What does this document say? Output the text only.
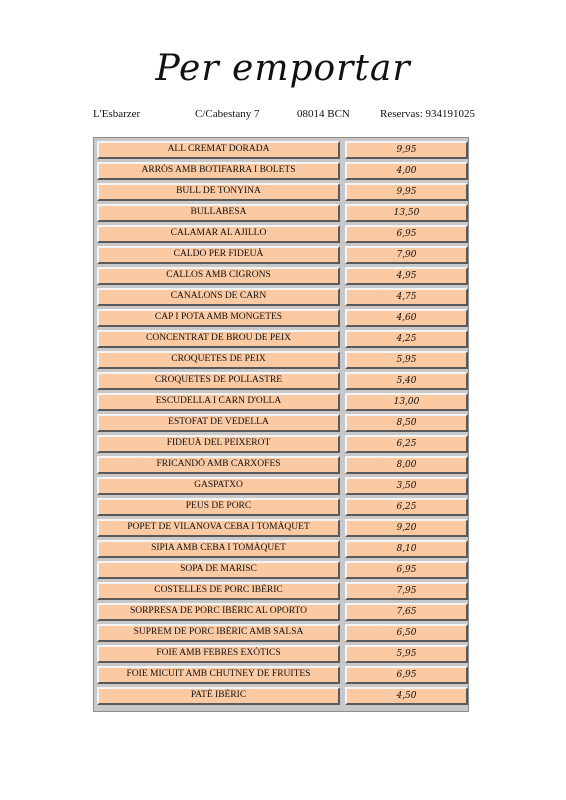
Per emportar
L'Esbarzer	C/Cabestany 7	08014 BCN	Reservas: 934191025
ALL CREMAT DORADA	9,95
ARRÒS AMB BOTIFARRA I BOLETS	4,00
BULL DE TONYINA	9,95
BULLABESA	13,50
CALAMAR AL AJILLO	6,95
CALDO PER FIDEUÀ	7,90
CALLOS AMB CIGRONS	4,95
CANALONS DE CARN	4,75
CAP I POTA AMB MONGETES	4,60
CONCENTRAT DE BROU DE PEIX	4,25
CROQUETES DE PEIX	5,95
CROQUETES DE POLLASTRE	5,40
ESCUDELLA I CARN D'OLLA	13,00
ESTOFAT DE VEDELLA	8,50
FIDEUÀ DEL PEIXEROT	6,25
FRICANDÓ AMB CARXOFES	8,00
GASPATXO	3,50
PEUS DE PORC	6,25
POPET DE VILANOVA CEBA I TOMÀQUET	9,20
SIPIA AMB CEBA I TOMÀQUET	8,10
SOPA DE MARISC	6,95
COSTELLES DE PORC IBÈRIC	7,95
SORPRESA DE PORC IBÈRIC AL OPORTO	7,65
SUPREM DE PORC IBÈRIC AMB SALSA	6,50
FOIE AMB FEBRES EXÒTICS	5,95
FOIE MICUIT AMB CHUTNEY DE FRUITES	6,95
PATÉ IBÈRIC	4,50
